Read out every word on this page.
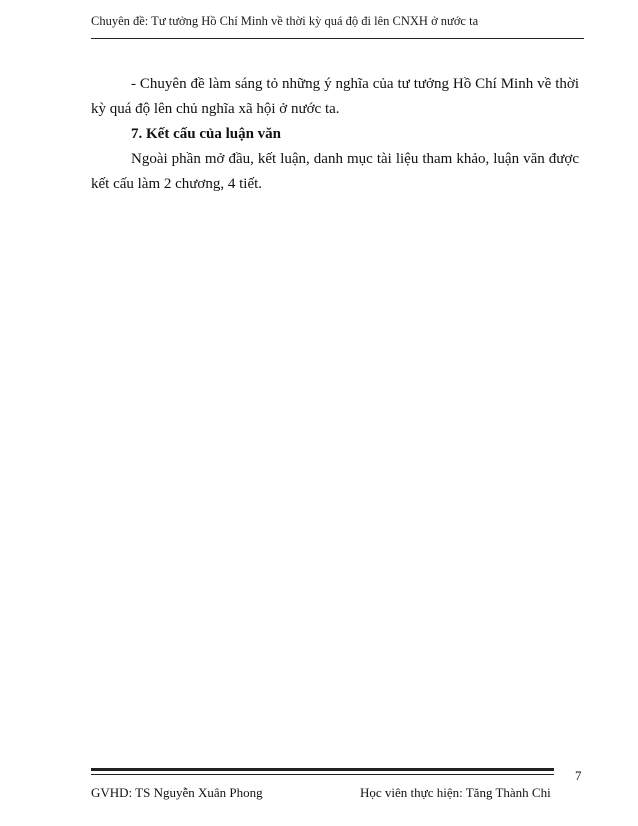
Chuyên đề: Tư tưởng Hồ Chí Minh về thời kỳ quá độ đi lên CNXH ở nước ta

- Chuyên đề làm sáng tỏ những ý nghĩa của tư tưởng Hồ Chí Minh về thời kỳ quá độ lên chủ nghĩa xã hội ở nước ta.

7. Kết cấu của luận văn

Ngoài phần mở đầu, kết luận, danh mục tài liệu tham khảo, luận văn được kết cấu làm 2 chương, 4 tiết.

7
GVHD: TS Nguyễn Xuân Phong	Học viên thực hiện: Tăng Thành Chi
